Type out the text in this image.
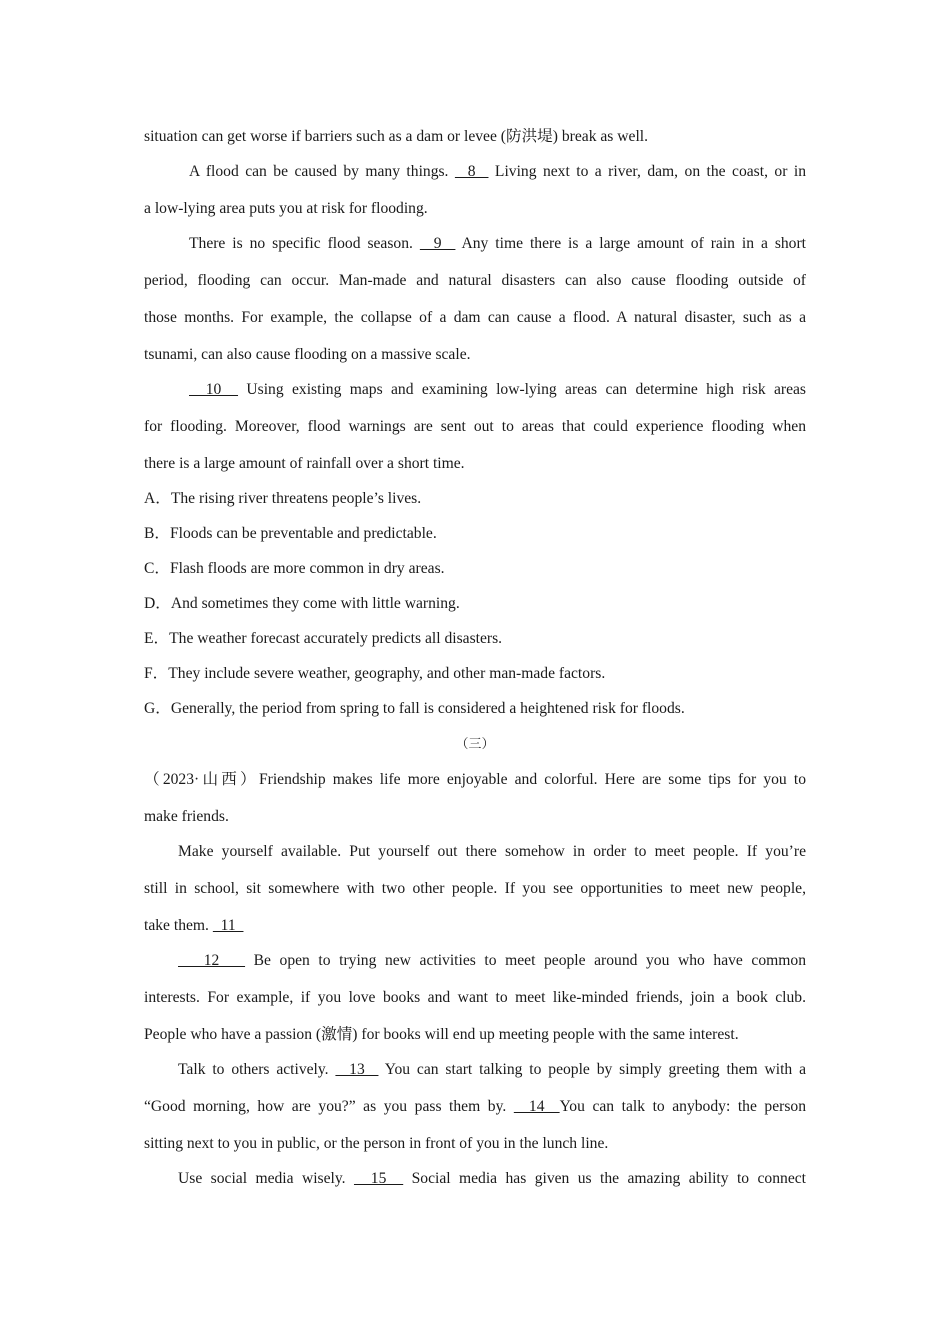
situation can get worse if barriers such as a dam or levee (防洪堤) break as well.
A flood can be caused by many things.   8   Living next to a river, dam, on the coast, or in
a low-lying area puts you at risk for flooding.
There is no specific flood season.   9   Any time there is a large amount of rain in a short
period, flooding can occur. Man-made and natural disasters can also cause flooding outside of
those months. For example, the collapse of a dam can cause a flood. A natural disaster, such as a
tsunami, can also cause flooding on a massive scale.
10   Using existing maps and examining low-lying areas can determine high risk areas
for flooding. Moreover, flood warnings are sent out to areas that could experience flooding when
there is a large amount of rainfall over a short time.
A．The rising river threatens people’s lives.
B．Floods can be preventable and predictable.
C．Flash floods are more common in dry areas.
D．And sometimes they come with little warning.
E．The weather forecast accurately predicts all disasters.
F．They include severe weather, geography, and other man-made factors.
G．Generally, the period from spring to fall is considered a heightened risk for floods.
（三）
（2023·山西）Friendship makes life more enjoyable and colorful. Here are some tips for you to
make friends.
Make yourself available. Put yourself out there somehow in order to meet people. If you’re
still in school, sit somewhere with two other people. If you see opportunities to meet new people,
take them.   11
12    Be open to trying new activities to meet people around you who have common
interests. For example, if you love books and want to meet like-minded friends, join a book club.
People who have a passion (激情) for books will end up meeting people with the same interest.
Talk to others actively.   13   You can start talking to people by simply greeting them with a
“Good morning, how are you?” as you pass them by.   14  You can talk to anybody: the person
sitting next to you in public, or the person in front of you in the lunch line.
Use social media wisely.   15   Social media has given us the amazing ability to connect
